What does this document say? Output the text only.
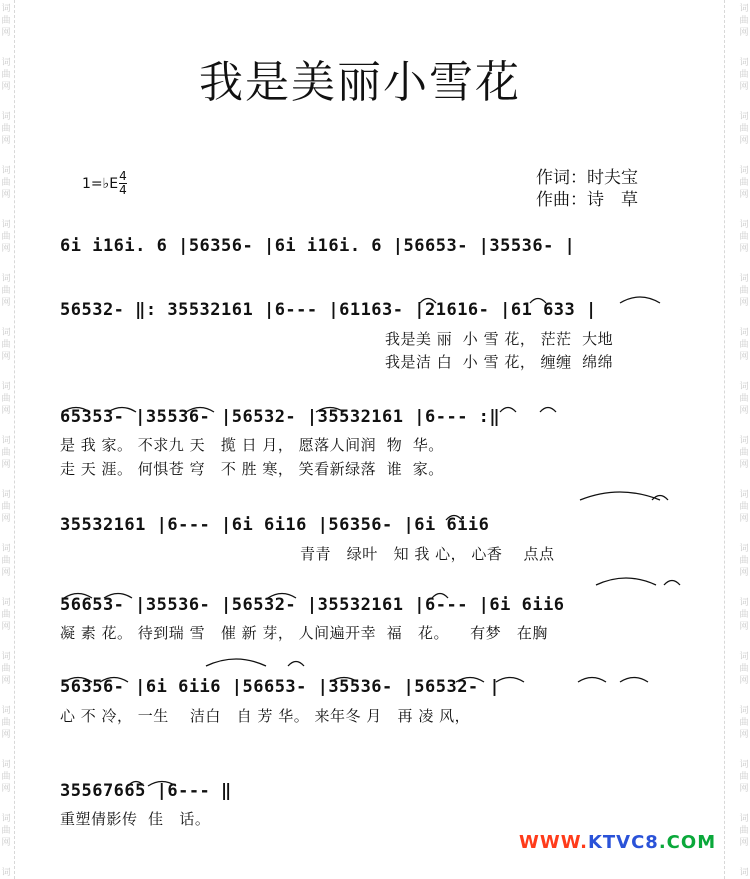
词
曲
网
词
曲
网
词
曲
网
词
曲
网
词
曲
网
词
曲
网
词
曲
网
词
曲
网
词
曲
网
词
曲
网
词
曲
网
词
曲
网
词
曲
网
词
曲
网
词
曲
网
词
曲
网
词
词
曲
网
词
曲
网
词
曲
网
词
曲
网
词
曲
网
词
曲
网
词
曲
网
词
曲
网
词
曲
网
词
曲
网
词
曲
网
词
曲
网
词
曲
网
词
曲
网
词
曲
网
词
曲
网
词
我是美丽小雪花
1=♭E 4
4
作词：时夫宝
作曲：诗　草
6i i16i. 6 |56356- |6i i16i. 6 |56653- |35536- |
56532- ‖: 35532161 |6--- |61163- |21616- |61 633 |
我是美 丽  小 雪 花， 茫茫  大地
我是洁 白  小 雪 花， 缠缠  绵绵
65353- |35536- |56532- |35532161 |6--- :‖
是 我 家。 不求九 天   揽 日 月， 愿落人间润  物  华。
走 天 涯。 何惧苍 穹   不 胜 寒， 笑看新绿落  谁  家。
35532161 |6--- |6i 6i16 |56356- |6i 6ii6
青青   绿叶   知 我 心， 心香    点点
56653- |35536- |56532- |35532161 |6--- |6i 6ii6
凝 素 花。 待到瑞 雪   催 新 芽， 人间遍开幸  福   花。    有梦   在胸
56356- |6i 6ii6 |56653- |35536- |56532- |
心 不 冷， 一生    洁白   自 芳 华。 来年冬 月   再 凌 风，
35567665 |6--- ‖
重塑倩影传  佳   话。
WWW.KTVC8.COM
